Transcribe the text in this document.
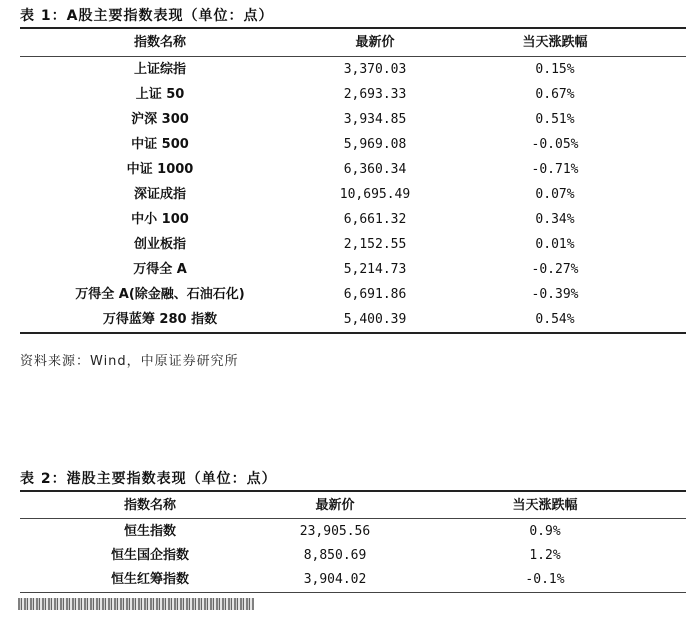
表 1：A股主要指数表现（单位：点）
指数名称	最新价	当天涨跌幅
上证综指	3,370.03	0.15%
上证 50	2,693.33	0.67%
沪深 300	3,934.85	0.51%
中证 500	5,969.08	-0.05%
中证 1000	6,360.34	-0.71%
深证成指	10,695.49	0.07%
中小 100	6,661.32	0.34%
创业板指	2,152.55	0.01%
万得全 A	5,214.73	-0.27%
万得全 A(除金融、石油石化)	6,691.86	-0.39%
万得蓝筹 280 指数	5,400.39	0.54%
资料来源：Wind，中原证券研究所
表 2：港股主要指数表现（单位：点）
指数名称	最新价	当天涨跌幅
恒生指数	23,905.56	0.9%
恒生国企指数	8,850.69	1.2%
恒生红筹指数	3,904.02	-0.1%
